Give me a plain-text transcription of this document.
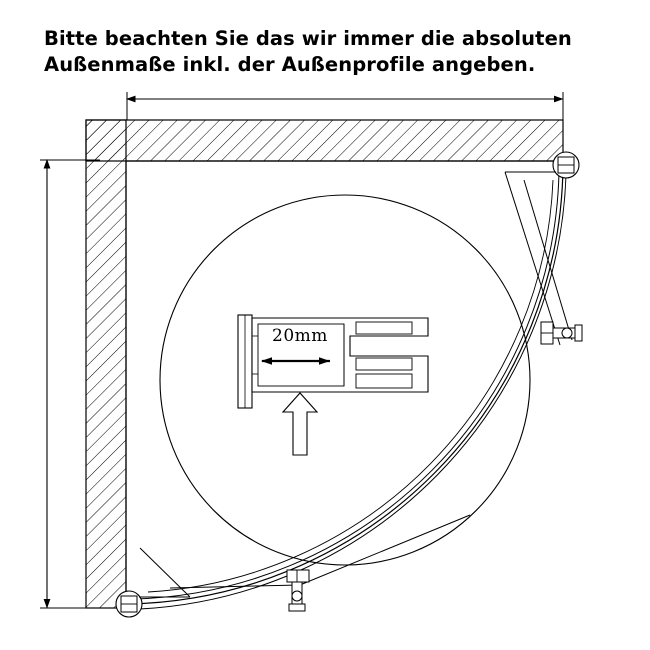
Bitte beachten Sie das wir immer die absoluten
Außenmaße inkl. der Außenprofile angeben.
20mm
